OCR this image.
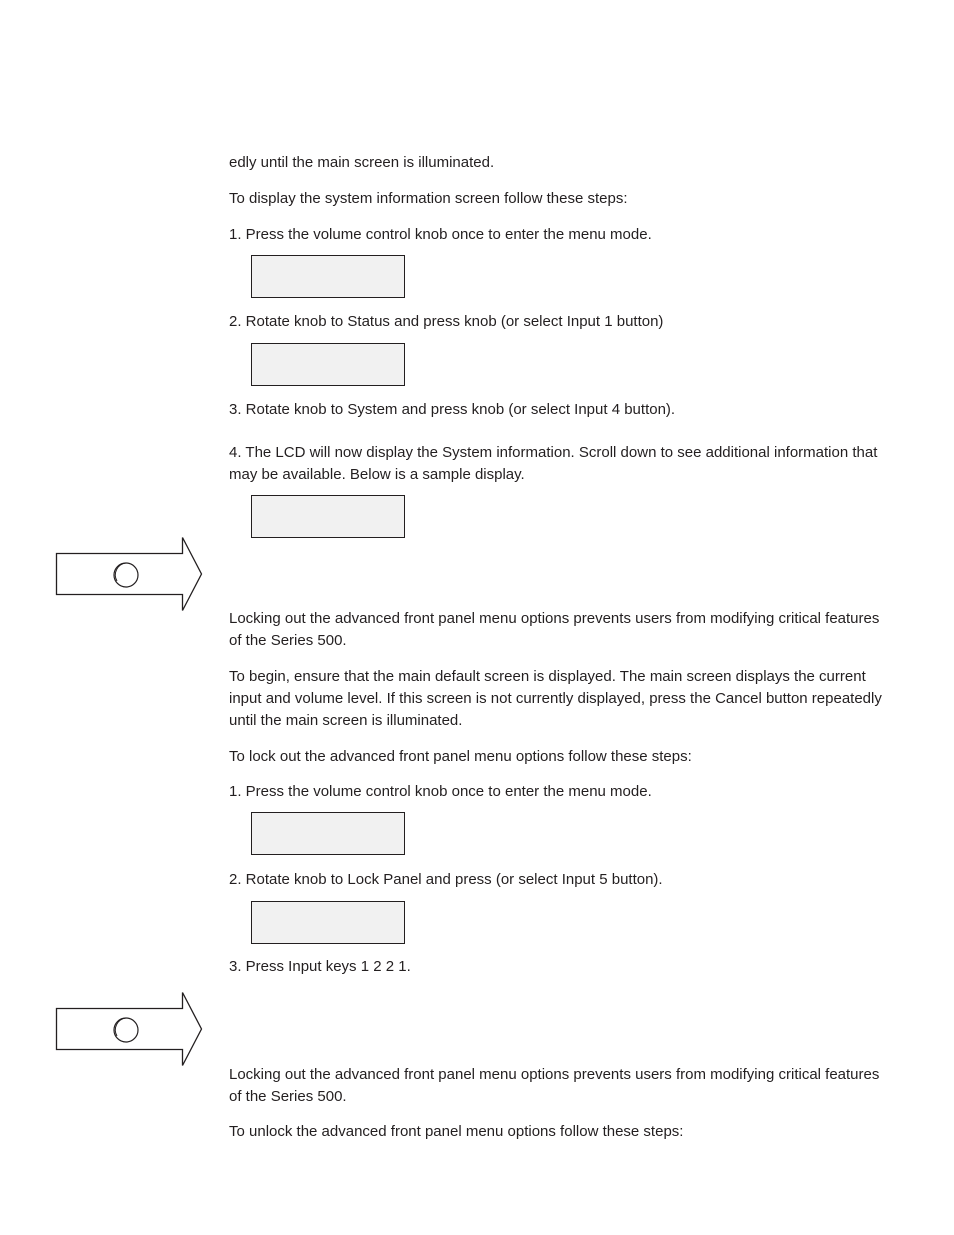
edly until the main screen is illuminated.

To display the system information screen follow these steps:

1. Press the volume control knob once to enter the menu mode.

2. Rotate knob to Status and press knob (or select Input 1 button)

3. Rotate knob to System and press knob (or select Input 4 button).

4. The LCD will now display the System information. Scroll down to see additional information that may be available. Below is a sample display.

Locking out the advanced front panel menu options prevents users from modifying critical features of the Series 500.

To begin, ensure that the main default screen is displayed. The main screen displays the current input and volume level. If this screen is not currently displayed, press the Cancel button repeatedly until the main screen is illuminated.

To lock out the advanced front panel menu options follow these steps:

1. Press the volume control knob once to enter the menu mode.

2. Rotate knob to Lock Panel and press (or select Input 5 button).

3. Press Input keys 1 2 2 1.

Locking out the advanced front panel menu options prevents users from modifying critical features of the Series 500.

To unlock the advanced front panel menu options follow these steps:
